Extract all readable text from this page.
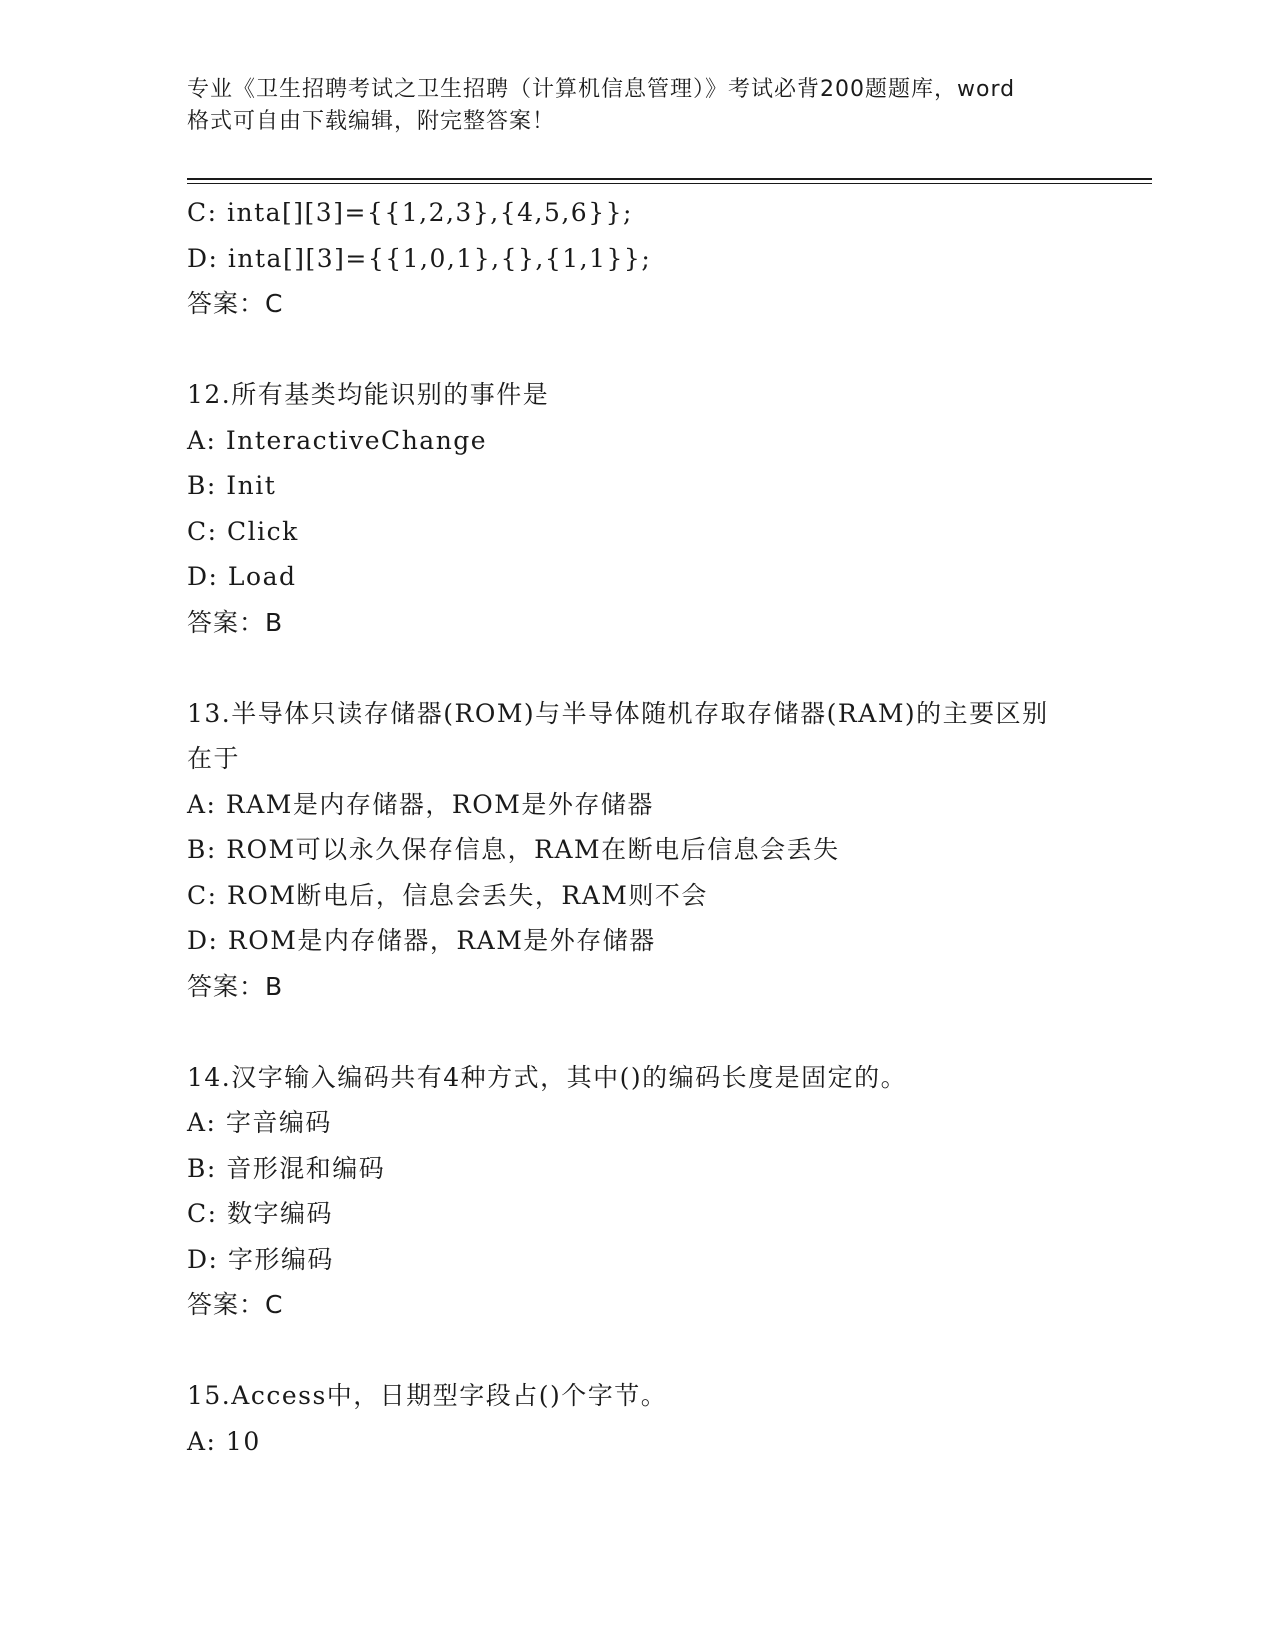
专业《卫生招聘考试之卫生招聘（计算机信息管理）》考试必背200题题库，word
格式可自由下载编辑，附完整答案！
C: inta[][3]={{1,2,3},{4,5,6}};
D: inta[][3]={{1,0,1},{},{1,1}};
答案：C
12.所有基类均能识别的事件是
A: InteractiveChange
B: Init
C: Click
D: Load
答案：B
13.半导体只读存储器(ROM)与半导体随机存取存储器(RAM)的主要区别
在于
A: RAM是内存储器，ROM是外存储器
B: ROM可以永久保存信息，RAM在断电后信息会丢失
C: ROM断电后，信息会丢失，RAM则不会
D: ROM是内存储器，RAM是外存储器
答案：B
14.汉字输入编码共有4种方式，其中()的编码长度是固定的。
A: 字音编码
B: 音形混和编码
C: 数字编码
D: 字形编码
答案：C
15.Access中，日期型字段占()个字节。
A: 10
